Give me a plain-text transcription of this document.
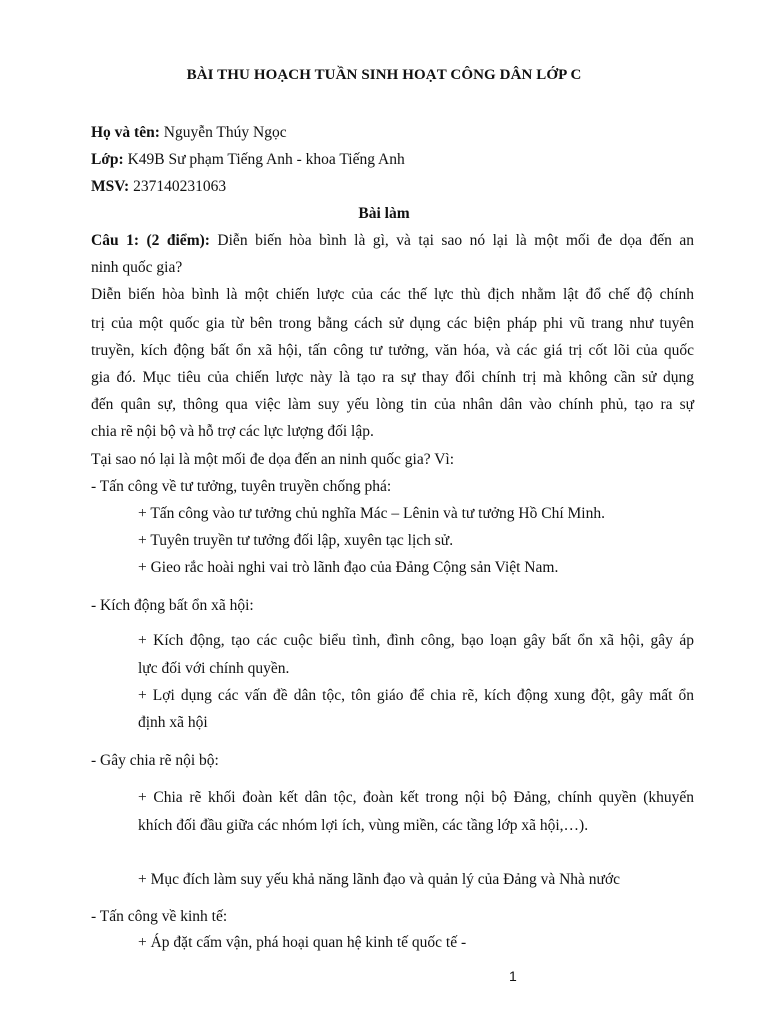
BÀI THU HOẠCH TUẦN SINH HOẠT CÔNG DÂN LỚP C
Họ và tên: Nguyễn Thúy Ngọc
Lớp: K49B Sư phạm Tiếng Anh - khoa Tiếng Anh
MSV: 237140231063
Bài làm
Câu 1: (2 điểm): Diễn biến hòa bình là gì, và tại sao nó lại là một mối đe dọa đến an
ninh quốc gia?
Diễn biến hòa bình là một chiến lược của các thế lực thù địch nhằm lật đổ chế độ chính
trị của một quốc gia từ bên trong bằng cách sử dụng các biện pháp phi vũ trang như tuyên
truyền, kích động bất ổn xã hội, tấn công tư tưởng, văn hóa, và các giá trị cốt lõi của quốc
gia đó. Mục tiêu của chiến lược này là tạo ra sự thay đổi chính trị mà không cần sử dụng
đến quân sự, thông qua việc làm suy yếu lòng tin của nhân dân vào chính phủ, tạo ra sự
chia rẽ nội bộ và hỗ trợ các lực lượng đối lập.
Tại sao nó lại là một mối đe dọa đến an ninh quốc gia? Vì:
- Tấn công về tư tưởng, tuyên truyền chống phá:
+ Tấn công vào tư tưởng chủ nghĩa Mác – Lênin và tư tưởng Hồ Chí Minh.
+ Tuyên truyền tư tưởng đối lập, xuyên tạc lịch sử.
+ Gieo rắc hoài nghi vai trò lãnh đạo của Đảng Cộng sản Việt Nam.
- Kích động bất ổn xã hội:
+ Kích động, tạo các cuộc biểu tình, đình công, bạo loạn gây bất ổn xã hội, gây áp
lực đối với chính quyền.
+ Lợi dụng các vấn đề dân tộc, tôn giáo để chia rẽ, kích động xung đột, gây mất ổn
định xã hội
- Gây chia rẽ nội bộ:
+ Chia rẽ khối đoàn kết dân tộc, đoàn kết trong nội bộ Đảng, chính quyền (khuyến
khích đối đầu giữa các nhóm lợi ích, vùng miền, các tầng lớp xã hội,…).
+ Mục đích làm suy yếu khả năng lãnh đạo và quản lý của Đảng và Nhà nước
- Tấn công về kinh tế:
+ Áp đặt cấm vận, phá hoại quan hệ kinh tế quốc tế -
1
